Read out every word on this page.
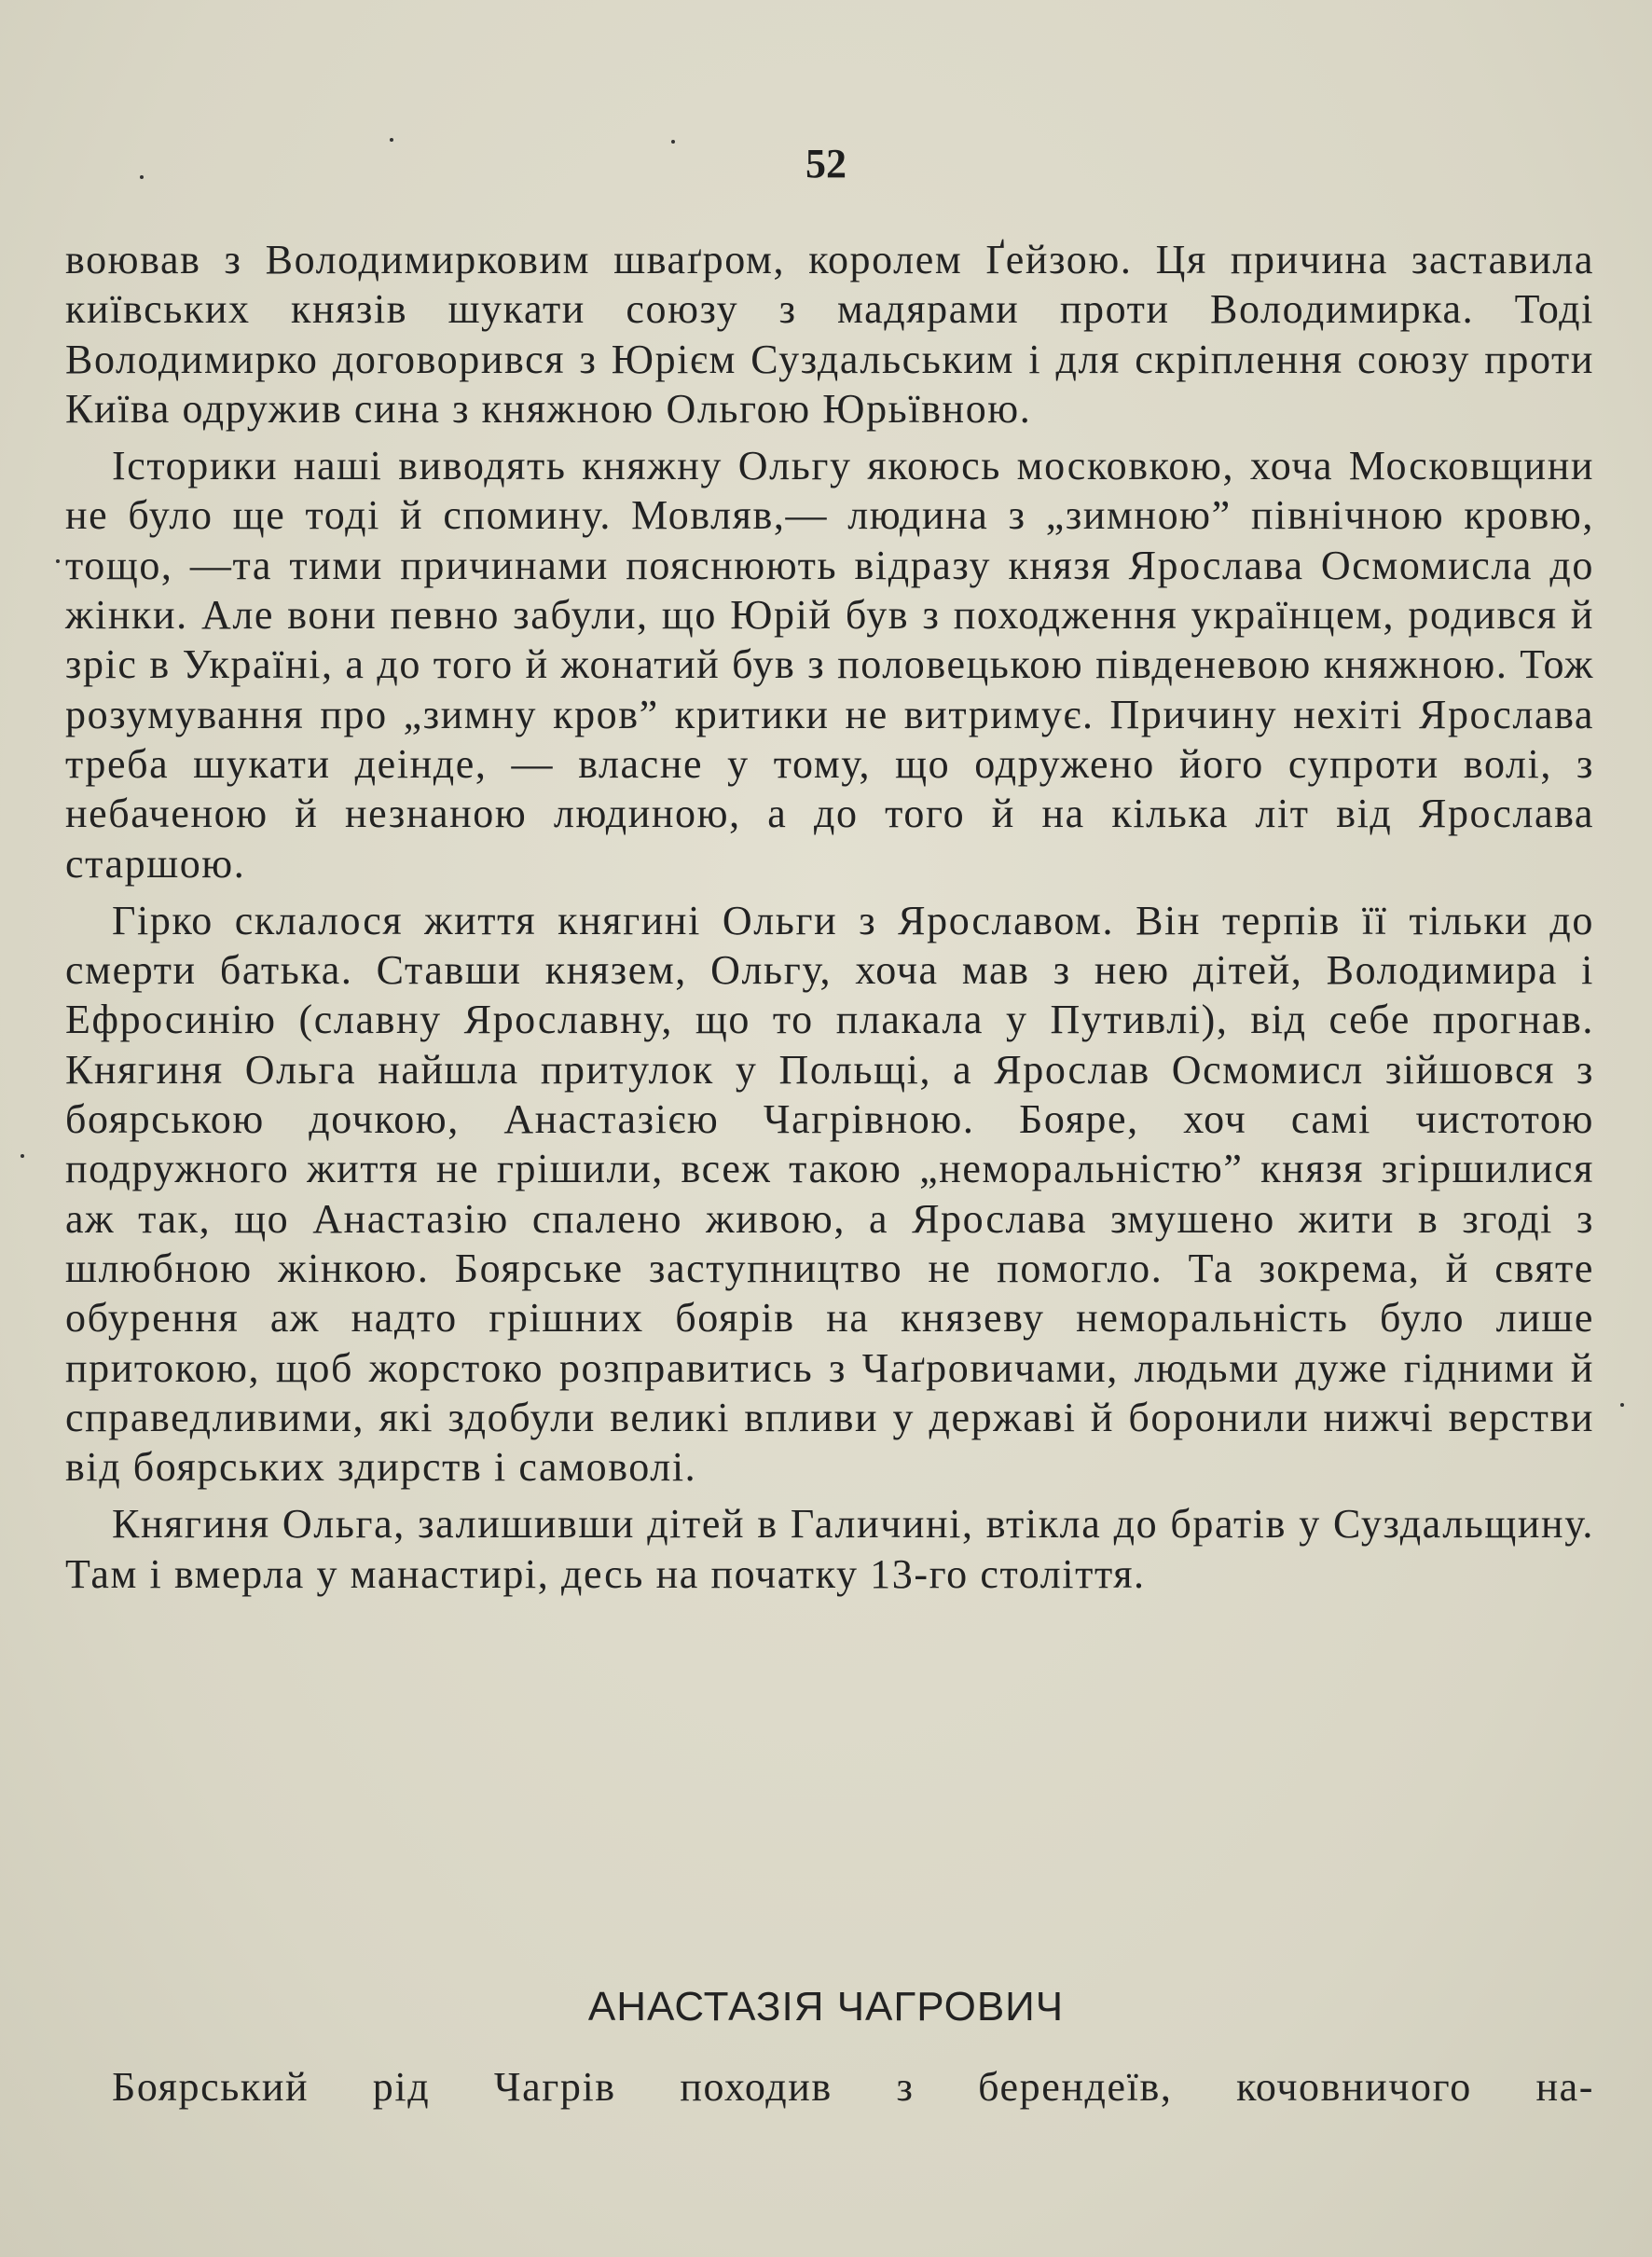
52

воював з Володимирковим шваґром, королем Ґейзою. Ця причина заставила київських князів шукати союзу з мадярами проти Володимирка. Тоді Володимирко договорився з Юрієм Суздальським і для скріплення союзу проти Київа одружив сина з княжною Ольгою Юрьївною.

Історики наші виводять княжну Ольгу якоюсь московкою, хоча Московщини не було ще тоді й спомину. Мовляв,— людина з „зимною” північною кровю, тощо, —та тими причинами пояснюють відразу князя Ярослава Осмомисла до жінки. Але вони певно забули, що Юрій був з походження українцем, родився й зріс в Україні, а до того й жонатий був з половецькою південевою княжною. Тож розумування про „зимну кров” критики не витримує. Причину нехіті Ярослава треба шукати деінде, — власне у тому, що одружено його супроти волі, з небаченою й незнаною людиною, а до того й на кілька літ від Ярослава старшою.

Гірко склалося життя княгині Ольги з Ярославом. Він терпів її тільки до смерти батька. Ставши князем, Ольгу, хоча мав з нею дітей, Володимира і Ефросинію (славну Ярославну, що то плакала у Путивлі), від себе прогнав. Княгиня Ольга найшла притулок у Польщі, а Ярослав Осмомисл зійшовся з боярською дочкою, Анастазією Чагрівною. Бояре, хоч самі чистотою подружного життя не грішили, всеж такою „неморальністю” князя згіршилися аж так, що Анастазію спалено живою, а Ярослава змушено жити в згоді з шлюбною жінкою. Боярське заступництво не помогло. Та зокрема, й святе обурення аж надто грішних боярів на князеву неморальність було лише притокою, щоб жорстоко розправитись з Чаґровичами, людьми дуже гідними й справедливими, які здобули великі впливи у державі й боронили нижчі верстви від боярських здирств і самоволі.

Княгиня Ольга, залишивши дітей в Галичині, втікла до братів у Суздальщину. Там і вмерла у манастирі, десь на початку 13-го століття.

АНАСТАЗІЯ ЧАГРОВИЧ

Боярський рід Чагрів походив з берендеїв, кочовничого на-
